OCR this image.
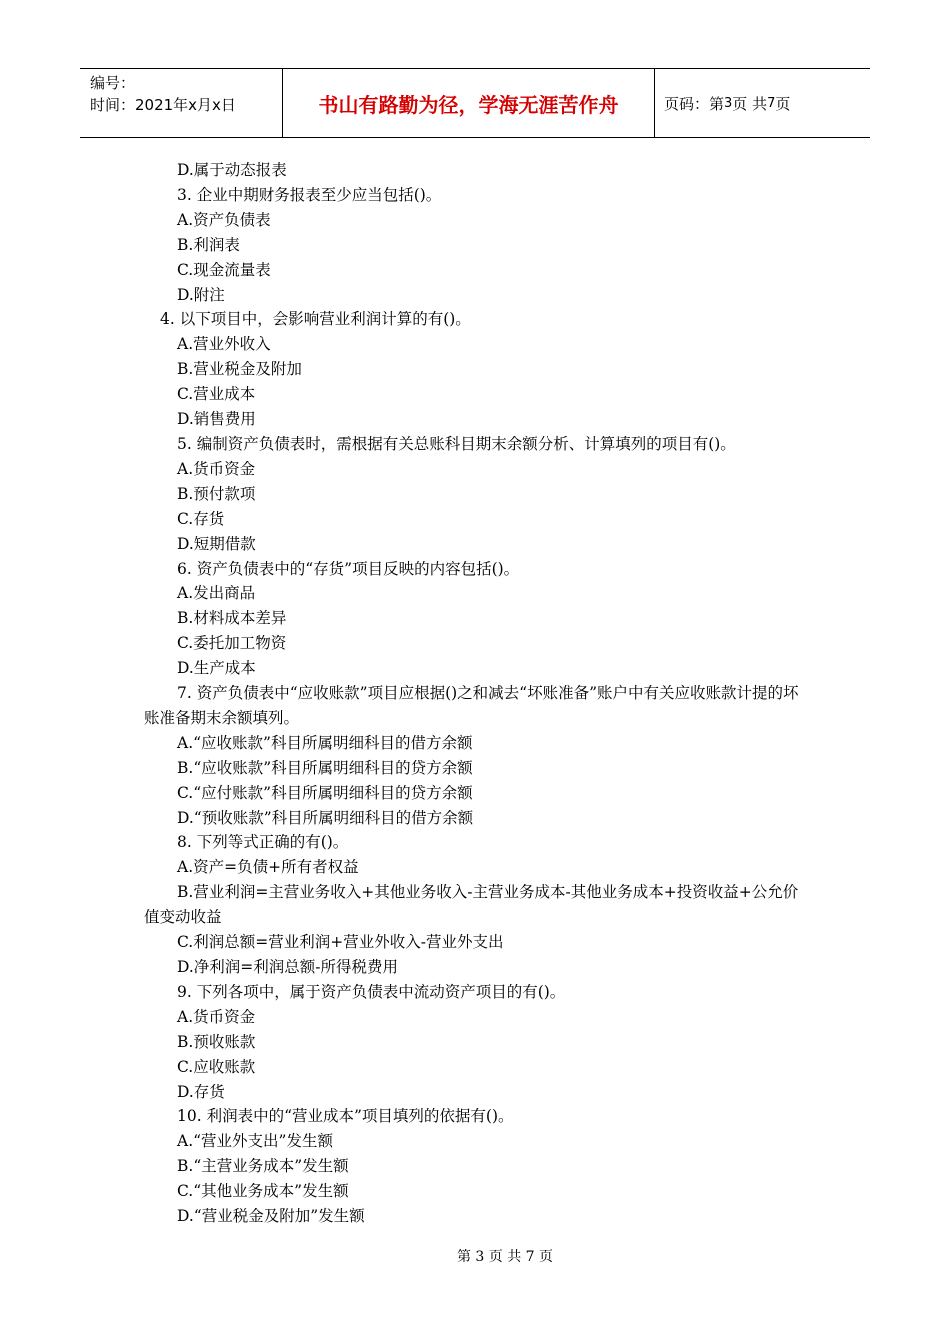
编号：
时间：2021年x月x日	书山有路勤为径，学海无涯苦作舟	页码：第 3 页 共 7 页
D.属于动态报表
3. 企业中期财务报表至少应当包括()。
A.资产负债表
B.利润表
C.现金流量表
D.附注
4. 以下项目中，会影响营业利润计算的有()。
A.营业外收入
B.营业税金及附加
C.营业成本
D.销售费用
5. 编制资产负债表时，需根据有关总账科目期末余额分析、计算填列的项目有()。
A.货币资金
B.预付款项
C.存货
D.短期借款
6. 资产负债表中的“存货”项目反映的内容包括()。
A.发出商品
B.材料成本差异
C.委托加工物资
D.生产成本
7. 资产负债表中“应收账款”项目应根据()之和减去“坏账准备”账户中有关应收账款计提的坏账准备期末余额填列。
A.“应收账款”科目所属明细科目的借方余额
B.“应收账款”科目所属明细科目的贷方余额
C.“应付账款”科目所属明细科目的贷方余额
D.“预收账款”科目所属明细科目的借方余额
8. 下列等式正确的有()。
A.资产=负债+所有者权益
B.营业利润=主营业务收入+其他业务收入-主营业务成本-其他业务成本+投资收益+公允价值变动收益
C.利润总额=营业利润+营业外收入-营业外支出
D.净利润=利润总额-所得税费用
9. 下列各项中，属于资产负债表中流动资产项目的有()。
A.货币资金
B.预收账款
C.应收账款
D.存货
10. 利润表中的“营业成本”项目填列的依据有()。
A.“营业外支出”发生额
B.“主营业务成本”发生额
C.“其他业务成本”发生额
D.“营业税金及附加”发生额
第 3 页 共 7 页
